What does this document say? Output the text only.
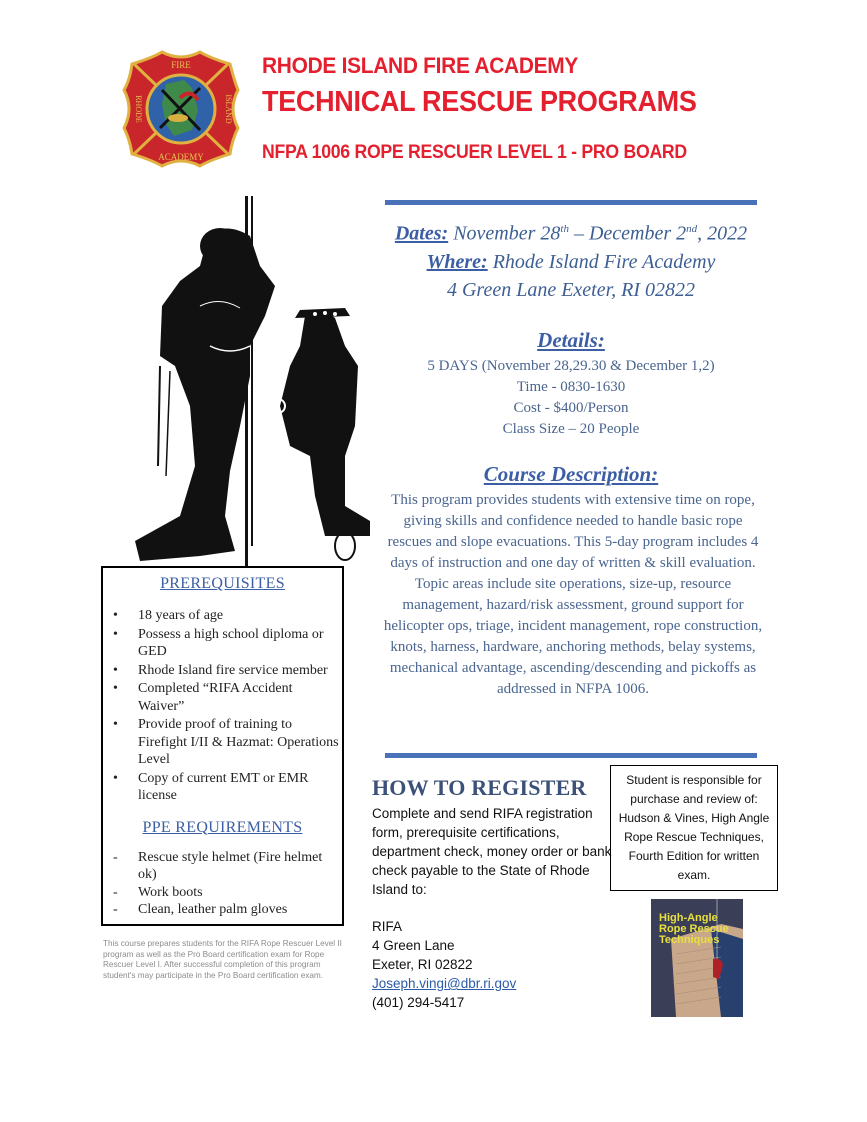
FIRE
ACADEMY
RHODE	ISLAND
RHODE ISLAND FIRE ACADEMY
TECHNICAL RESCUE PROGRAMS
NFPA 1006 ROPE RESCUER LEVEL 1 - PRO BOARD
Dates: November 28th – December 2nd, 2022
Where: Rhode Island Fire Academy
4 Green Lane Exeter, RI 02822
Details:
5 DAYS (November 28,29.30 & December 1,2)
Time - 0830-1630
Cost - $400/Person
Class Size – 20 People
Course Description:
This program provides students with extensive time on rope, giving skills and confidence needed to handle basic rope rescues and slope evacuations. This 5-day program includes 4 days of instruction and one day of written & skill evaluation.
Topic areas include site operations, size-up, resource management, hazard/risk assessment, ground support for helicopter ops, triage, incident management, rope construction, knots, harness, hardware, anchoring methods, belay systems, mechanical advantage, ascending/descending and pickoffs as addressed in NFPA 1006.
PREREQUISITES
• 18 years of age
• Possess a high school diploma or GED
• Rhode Island fire service member
• Completed “RIFA Accident Waiver”
• Provide proof of training to Firefight I/II & Hazmat: Operations Level
• Copy of current EMT or EMR license
PPE REQUIREMENTS
- Rescue style helmet (Fire helmet ok)
- Work boots
- Clean, leather palm gloves
This course prepares students for the RIFA Rope Rescuer Level II program as well as the Pro Board certification exam for Rope Rescuer Level I. After successful completion of this program student's may participate in the Pro Board certification exam.
HOW TO REGISTER
Complete and send RIFA registration form, prerequisite certifications, department check, money order or bank check payable to the State of Rhode Island to:
RIFA
4 Green Lane
Exeter, RI 02822
Joseph.vingi@dbr.ri.gov
(401) 294-5417
Student is responsible for purchase and review of: Hudson & Vines, High Angle Rope Rescue Techniques, Fourth Edition for written exam.
High-Angle
Rope Rescue
Techniques
